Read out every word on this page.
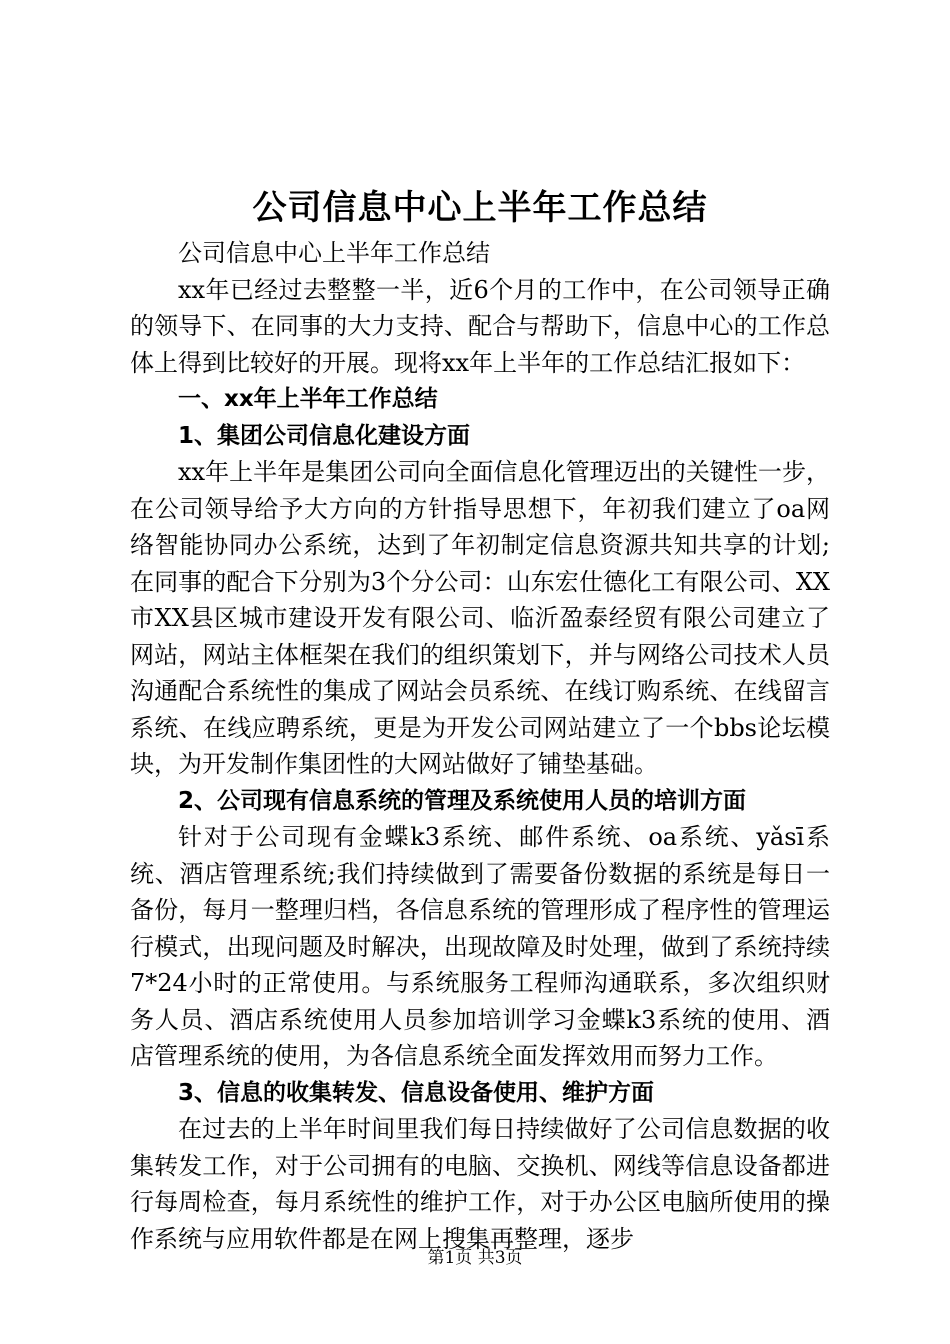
公司信息中心上半年工作总结
公司信息中心上半年工作总结
xx年已经过去整整一半，近6个月的工作中，在公司领导正确的领导下、在同事的大力支持、配合与帮助下，信息中心的工作总体上得到比较好的开展。现将xx年上半年的工作总结汇报如下：
一、xx年上半年工作总结
1、集团公司信息化建设方面
xx年上半年是集团公司向全面信息化管理迈出的关键性一步，在公司领导给予大方向的方针指导思想下，年初我们建立了oa网络智能协同办公系统，达到了年初制定信息资源共知共享的计划;在同事的配合下分别为3个分公司：山东宏仕德化工有限公司、XX市XX县区城市建设开发有限公司、临沂盈泰经贸有限公司建立了网站，网站主体框架在我们的组织策划下，并与网络公司技术人员沟通配合系统性的集成了网站会员系统、在线订购系统、在线留言系统、在线应聘系统，更是为开发公司网站建立了一个bbs论坛模块，为开发制作集团性的大网站做好了铺垫基础。
2、公司现有信息系统的管理及系统使用人员的培训方面
针对于公司现有金蝶k3系统、邮件系统、oa系统、yǎsī系统、酒店管理系统;我们持续做到了需要备份数据的系统是每日一备份，每月一整理归档，各信息系统的管理形成了程序性的管理运行模式，出现问题及时解决，出现故障及时处理，做到了系统持续7*24小时的正常使用。与系统服务工程师沟通联系，多次组织财务人员、酒店系统使用人员参加培训学习金蝶k3系统的使用、酒店管理系统的使用，为各信息系统全面发挥效用而努力工作。
3、信息的收集转发、信息设备使用、维护方面
在过去的上半年时间里我们每日持续做好了公司信息数据的收集转发工作，对于公司拥有的电脑、交换机、网线等信息设备都进行每周检查，每月系统性的维护工作，对于办公区电脑所使用的操作系统与应用软件都是在网上搜集再整理，逐步
第1页 共3页
